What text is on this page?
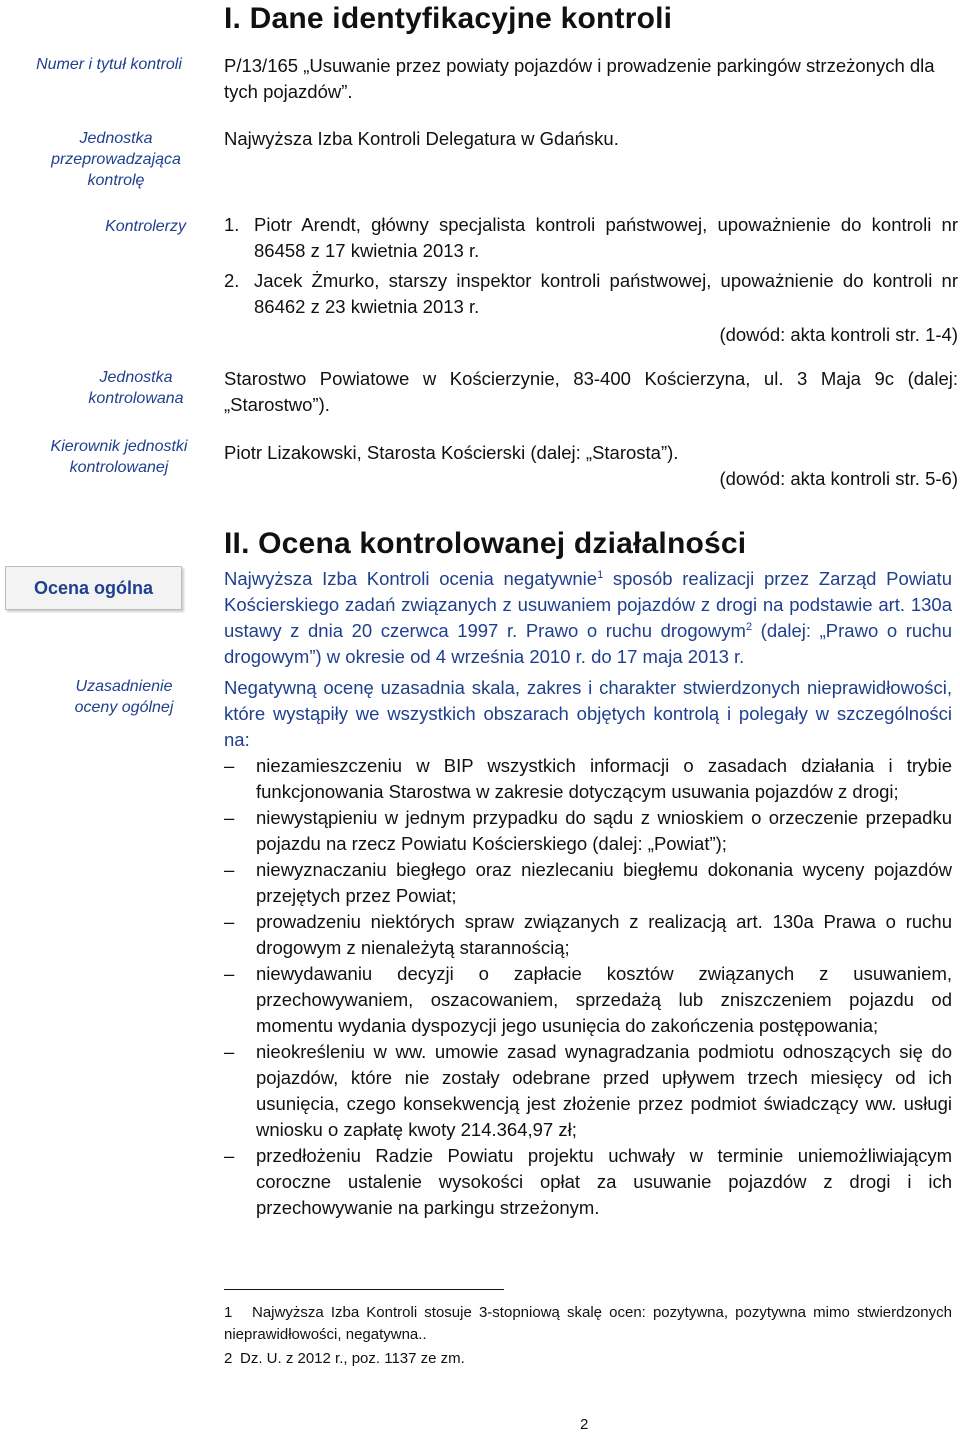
I. Dane identyfikacyjne kontroli
Numer i tytuł kontroli
Jednostka przeprowadzająca kontrolę
Kontrolerzy
Jednostka kontrolowana
Kierownik jednostki kontrolowanej
P/13/165 „Usuwanie przez powiaty pojazdów i prowadzenie parkingów strzeżonych dla tych pojazdów”.
Najwyższa Izba Kontroli Delegatura w Gdańsku.
1. Piotr Arendt, główny specjalista kontroli państwowej, upoważnienie do kontroli nr 86458 z 17 kwietnia 2013 r.
2. Jacek Żmurko, starszy inspektor kontroli państwowej, upoważnienie do kontroli nr 86462 z 23 kwietnia 2013 r.
(dowód: akta kontroli str. 1-4)
Starostwo Powiatowe w Kościerzynie, 83-400 Kościerzyna, ul. 3 Maja 9c (dalej: „Starostwo”).
Piotr Lizakowski, Starosta Kościerski (dalej: „Starosta”).
(dowód: akta kontroli str. 5-6)
II. Ocena kontrolowanej działalności
Ocena ogólna
Uzasadnienie oceny ogólnej
Najwyższa Izba Kontroli ocenia negatywnie$^1$ sposób realizacji przez Zarząd Powiatu Kościerskiego zadań związanych z usuwaniem pojazdów z drogi na podstawie art. 130a ustawy z dnia 20 czerwca 1997 r. Prawo o ruchu drogowym$^2$ (dalej: „Prawo o ruchu drogowym”) w okresie od 4 września 2010 r. do 17 maja 2013 r.
Negatywną ocenę uzasadnia skala, zakres i charakter stwierdzonych nieprawidłowości, które wystąpiły we wszystkich obszarach objętych kontrolą i polegały w szczególności na:
– niezamieszczeniu w BIP wszystkich informacji o zasadach działania i trybie funkcjonowania Starostwa w zakresie dotyczącym usuwania pojazdów z drogi;
– niewystąpieniu w jednym przypadku do sądu z wnioskiem o orzeczenie przepadku pojazdu na rzecz Powiatu Kościerskiego (dalej: „Powiat”);
– niewyznaczaniu biegłego oraz niezlecaniu biegłemu dokonania wyceny pojazdów przejętych przez Powiat;
– prowadzeniu niektórych spraw związanych z realizacją art. 130a Prawa o ruchu drogowym z nienależytą starannością;
– niewydawaniu decyzji o zapłacie kosztów związanych z usuwaniem, przechowywaniem, oszacowaniem, sprzedażą lub zniszczeniem pojazdu od momentu wydania dyspozycji jego usunięcia do zakończenia postępowania;
– nieokreśleniu w ww. umowie zasad wynagradzania podmiotu odnoszących się do pojazdów, które nie zostały odebrane przed upływem trzech miesięcy od ich usunięcia, czego konsekwencją jest złożenie przez podmiot świadczący ww. usługi wniosku o zapłatę kwoty 214.364,97 zł;
– przedłożeniu Radzie Powiatu projektu uchwały w terminie uniemożliwiającym coroczne ustalenie wysokości opłat za usuwanie pojazdów z drogi i ich przechowywanie na parkingu strzeżonym.
1 Najwyższa Izba Kontroli stosuje 3-stopniową skalę ocen: pozytywna, pozytywna mimo stwierdzonych nieprawidłowości, negatywna..
2 Dz. U. z 2012 r., poz. 1137 ze zm.
2
